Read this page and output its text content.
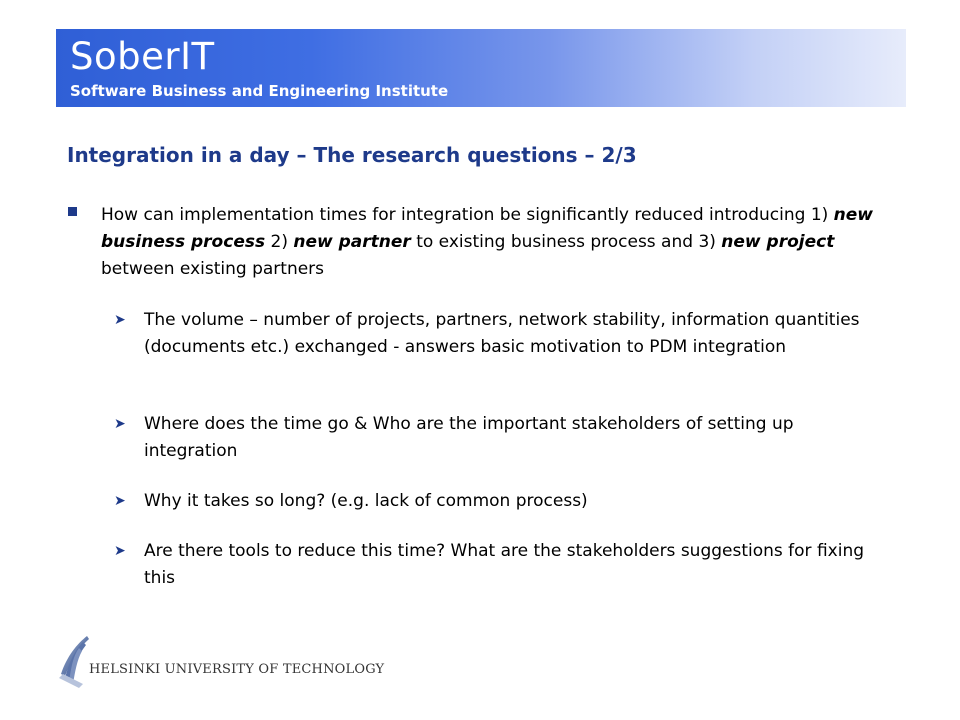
SoberIT
Software Business and Engineering Institute
Integration in a day – The research questions – 2/3
How can implementation times for integration be significantly reduced introducing 1) new business process 2) new partner to existing business process and 3) new project between existing partners
➤ The volume – number of projects, partners, network stability, information quantities (documents etc.) exchanged - answers basic motivation to PDM integration
➤ Where does the time go & Who are the important stakeholders of setting up integration
➤ Why it takes so long? (e.g. lack of common process)
➤ Are there tools to reduce this time? What are the stakeholders suggestions for fixing this
HELSINKI UNIVERSITY OF TECHNOLOGY
